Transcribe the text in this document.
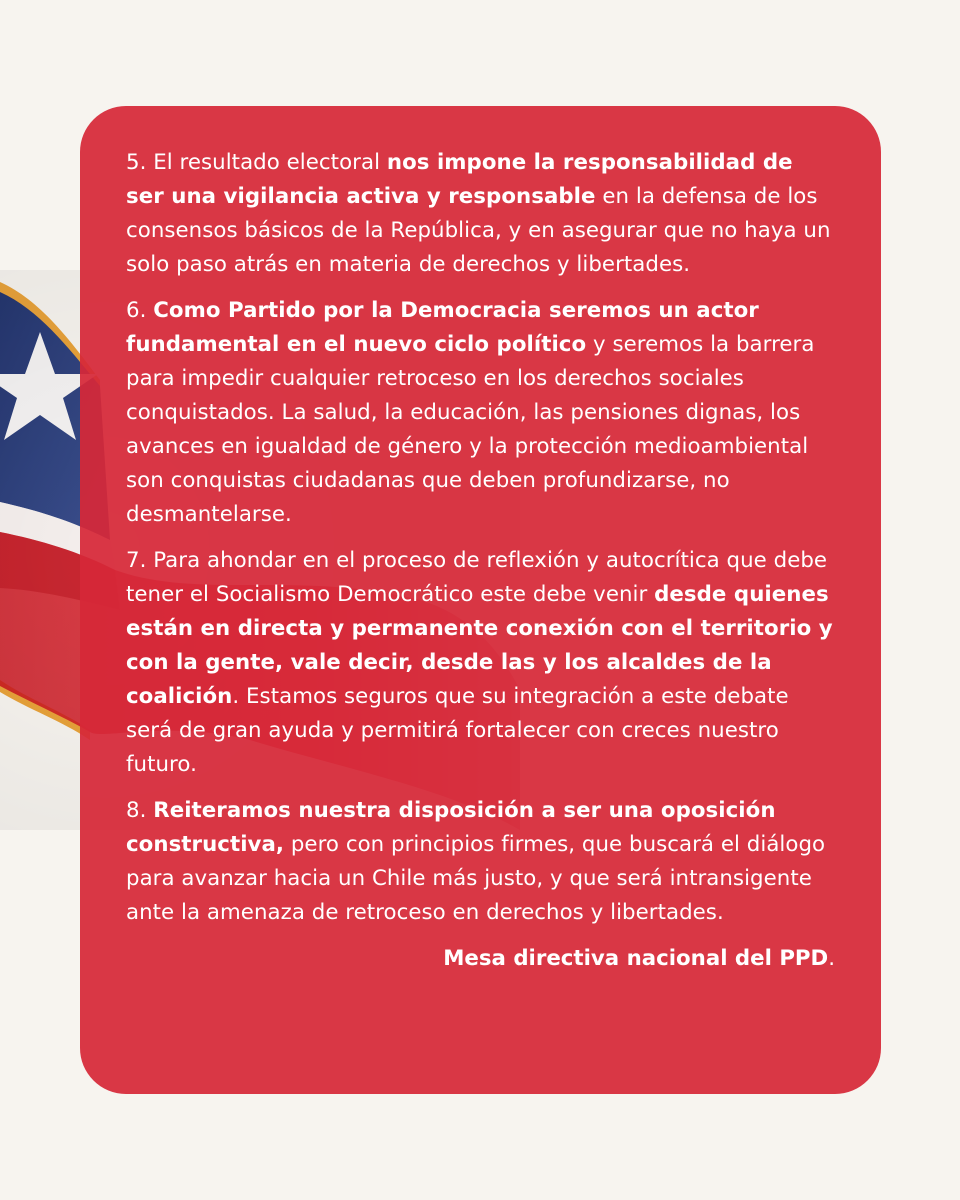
5. El resultado electoral nos impone la responsabilidad de ser una vigilancia activa y responsable en la defensa de los consensos básicos de la República, y en asegurar que no haya un solo paso atrás en materia de derechos y libertades.

6. Como Partido por la Democracia seremos un actor fundamental en el nuevo ciclo político y seremos la barrera para impedir cualquier retroceso en los derechos sociales conquistados. La salud, la educación, las pensiones dignas, los avances en igualdad de género y la protección medioambiental son conquistas ciudadanas que deben profundizarse, no desmantelarse.

7. Para ahondar en el proceso de reflexión y autocrítica que debe tener el Socialismo Democrático este debe venir desde quienes están en directa y permanente conexión con el territorio y con la gente, vale decir, desde las y los alcaldes de la coalición. Estamos seguros que su integración a este debate será de gran ayuda y permitirá fortalecer con creces nuestro futuro.

8. Reiteramos nuestra disposición a ser una oposición constructiva, pero con principios firmes, que buscará el diálogo para avanzar hacia un Chile más justo, y que será intransigente ante la amenaza de retroceso en derechos y libertades.

Mesa directiva nacional del PPD.
